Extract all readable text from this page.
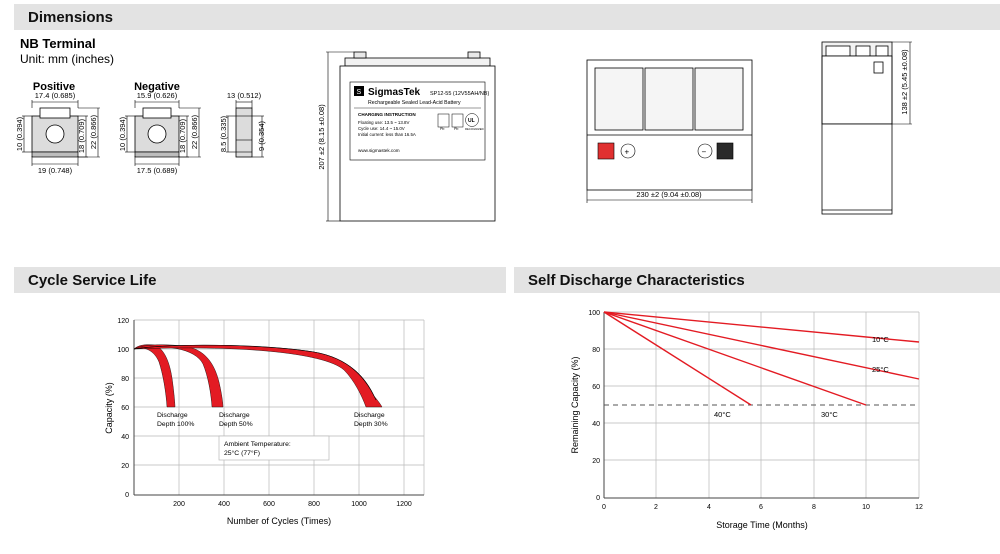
Dimensions
NB Terminal
Unit: mm (inches)
Positive	Negative
17.4 (0.685)
19 (0.748)
10 (0.394)	18 (0.709) 22 (0.866)
15.9 (0.626)
17.5 (0.689)
10 (0.394)	18 (0.709) 22 (0.866)
13 (0.512)
8.5 (0.335)	9 (0.354)
S SigmasTek SP12-55 (12V55AH/NB)
Rechargeable Sealed Lead-Acid Battery
CHARGING INSTRUCTION
Floating use: 13.5 ~ 13.8V
Cycle use: 14.4 ~ 15.0V
Initial current: less than 16.5A
Pb	Pb
UL
RECOGNIZED
www.sigmastek.com
207 ±2 (8.15 ±0.08)	+	−
230 ±2 (9.04 ±0.08)
138 ±2 (5.45 ±0.08)
Cycle Service Life
120
100
80
60
40
20
0
200	400	600	800	1000	1200
Discharge
Depth 100%
Discharge
Depth 50%
Discharge
Depth 30%
Ambient Temperature:
25°C (77°F)
Number of Cycles (Times)
Capacity (%)
Self Discharge Characteristics
100
80
60
40
20
0
0	2	4	6	8	10	12
10°C
25°C
30°C
40°C
Storage Time (Months)
Remaining Capacity (%)
